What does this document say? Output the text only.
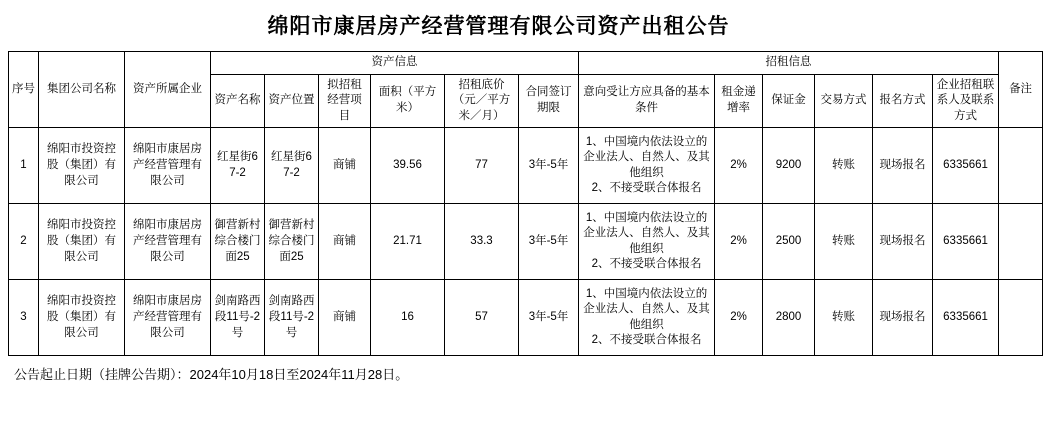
绵阳市康居房产经营管理有限公司资产出租公告
序号	集团公司名称	资产所属企业	资产信息						招租信息						备注
			资产名称	资产位置	拟招租经营项目	面积（平方米）	招租底价（元／平方米／月）	合同签订期限	意向受让方应具备的基本条件	租金递增率	保证金	交易方式	报名方式	企业招租联系人及联系方式	
1	绵阳市投资控股（集团）有限公司	绵阳市康居房产经营管理有限公司	红星街67-2	红星街67-2	商铺	39.56	77	3年-5年	1、中国境内依法设立的企业法人、自然人、及其他组织
2、不接受联合体报名	2%	9200	转账	现场报名	6335661	
2	绵阳市投资控股（集团）有限公司	绵阳市康居房产经营管理有限公司	御营新村综合楼门面25	御营新村综合楼门面25	商铺	21.71	33.3	3年-5年	1、中国境内依法设立的企业法人、自然人、及其他组织
2、不接受联合体报名	2%	2500	转账	现场报名	6335661	
3	绵阳市投资控股（集团）有限公司	绵阳市康居房产经营管理有限公司	剑南路西段11号-2号	剑南路西段11号-2号	商铺	16	57	3年-5年	1、中国境内依法设立的企业法人、自然人、及其他组织
2、不接受联合体报名	2%	2800	转账	现场报名	6335661	
公告起止日期（挂牌公告期）：2024年10月18日至2024年11月28日。
